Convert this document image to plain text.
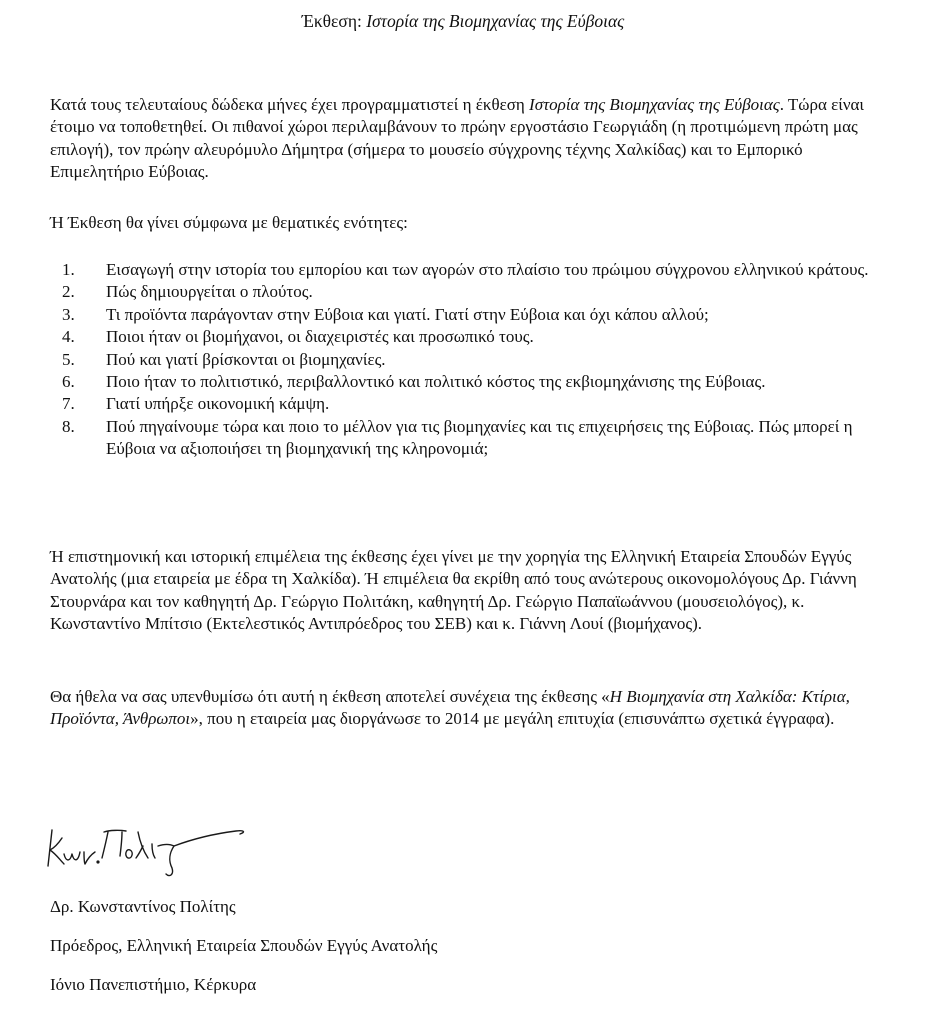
Έκθεση: Ιστορία της Βιομηχανίας της Εύβοιας

Κατά τους τελευταίους δώδεκα μήνες έχει προγραμματιστεί η έκθεση Ιστορία της Βιομηχανίας της Εύβοιας. Τώρα είναι έτοιμο να τοποθετηθεί. Οι πιθανοί χώροι περιλαμβάνουν το πρώην εργοστάσιο Γεωργιάδη (η προτιμώμενη πρώτη μας επιλογή), τον πρώην αλευρόμυλο Δήμητρα (σήμερα το μουσείο σύγχρονης τέχνης Χαλκίδας) και το Εμπορικό Επιμελητήριο Εύβοιας.

Ή Έκθεση θα γίνει σύμφωνα με θεματικές ενότητες:

1.	Εισαγωγή στην ιστορία του εμπορίου και των αγορών στο πλαίσιο του πρώιμου σύγχρονου ελληνικού κράτους.
2.	Πώς δημιουργείται ο πλούτος.
3.	Τι προϊόντα παράγονταν στην Εύβοια και γιατί. Γιατί στην Εύβοια και όχι κάπου αλλού;
4.	Ποιοι ήταν οι βιομήχανοι, οι διαχειριστές και προσωπικό τους.
5.	Πού και γιατί βρίσκονται οι βιομηχανίες.
6.	Ποιο ήταν το πολιτιστικό, περιβαλλοντικό και πολιτικό κόστος της εκβιομηχάνισης της Εύβοιας.
7.	Γιατί υπήρξε οικονομική κάμψη.
8.	Πού πηγαίνουμε τώρα και ποιο το μέλλον για τις βιομηχανίες και τις επιχειρήσεις της Εύβοιας. Πώς μπορεί η Εύβοια να αξιοποιήσει τη βιομηχανική της κληρονομιά;

Ή επιστημονική και ιστορική επιμέλεια της έκθεσης έχει γίνει με την χορηγία της Ελληνική Εταιρεία Σπουδών Εγγύς Ανατολής (μια εταιρεία με έδρα τη Χαλκίδα). Ή επιμέλεια θα εκρίθη από τους ανώτερους οικονομολόγους Δρ. Γιάννη Στουρνάρα και τον καθηγητή Δρ. Γεώργιο Πολιτάκη, καθηγητή Δρ. Γεώργιο Παπαϊωάννου (μουσειολόγος), κ. Κωνσταντίνο Μπίτσιο (Εκτελεστικός Αντιπρόεδρος του ΣΕΒ) και κ. Γιάννη Λουί (βιομήχανος).

Θα ήθελα να σας υπενθυμίσω ότι αυτή η έκθεση αποτελεί συνέχεια της έκθεσης «Η Βιομηχανία στη Χαλκίδα: Κτίρια, Προϊόντα, Άνθρωποι», που η εταιρεία μας διοργάνωσε το 2014 με μεγάλη επιτυχία (επισυνάπτω σχετικά έγγραφα).

Δρ. Κωνσταντίνος Πολίτης
Πρόεδρος, Ελληνική Εταιρεία Σπουδών Εγγύς Ανατολής
Ιόνιο Πανεπιστήμιο, Κέρκυρα
